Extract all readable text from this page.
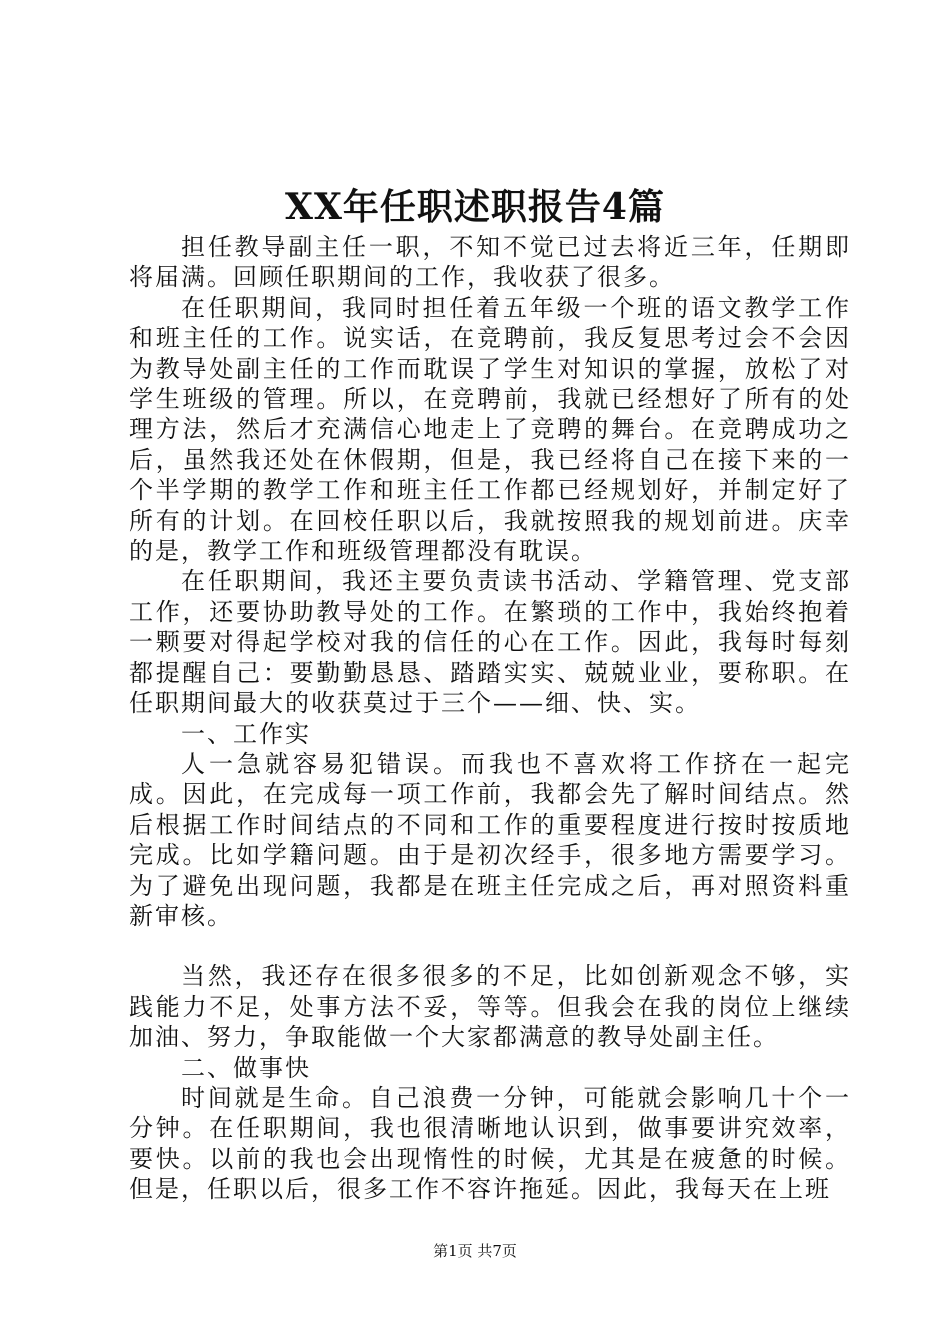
XX年任职述职报告4篇

担任教导副主任一职，不知不觉已过去将近三年，任期即将届满。回顾任职期间的工作，我收获了很多。

在任职期间，我同时担任着五年级一个班的语文教学工作和班主任的工作。说实话，在竞聘前，我反复思考过会不会因为教导处副主任的工作而耽误了学生对知识的掌握，放松了对学生班级的管理。所以，在竞聘前，我就已经想好了所有的处理方法，然后才充满信心地走上了竞聘的舞台。在竞聘成功之后，虽然我还处在休假期，但是，我已经将自己在接下来的一个半学期的教学工作和班主任工作都已经规划好，并制定好了所有的计划。在回校任职以后，我就按照我的规划前进。庆幸的是，教学工作和班级管理都没有耽误。

在任职期间，我还主要负责读书活动、学籍管理、党支部工作，还要协助教导处的工作。在繁琐的工作中，我始终抱着一颗要对得起学校对我的信任的心在工作。因此，我每时每刻都提醒自己：要勤勤恳恳、踏踏实实、兢兢业业，要称职。在任职期间最大的收获莫过于三个——细、快、实。

一、工作实

人一急就容易犯错误。而我也不喜欢将工作挤在一起完成。因此，在完成每一项工作前，我都会先了解时间结点。然后根据工作时间结点的不同和工作的重要程度进行按时按质地完成。比如学籍问题。由于是初次经手，很多地方需要学习。为了避免出现问题，我都是在班主任完成之后，再对照资料重新审核。

当然，我还存在很多很多的不足，比如创新观念不够，实践能力不足，处事方法不妥，等等。但我会在我的岗位上继续加油、努力，争取能做一个大家都满意的教导处副主任。

二、做事快

时间就是生命。自己浪费一分钟，可能就会影响几十个一分钟。在任职期间，我也很清晰地认识到，做事要讲究效率，要快。以前的我也会出现惰性的时候，尤其是在疲惫的时候。但是，任职以后，很多工作不容许拖延。因此，我每天在上班

第1页 共7页
